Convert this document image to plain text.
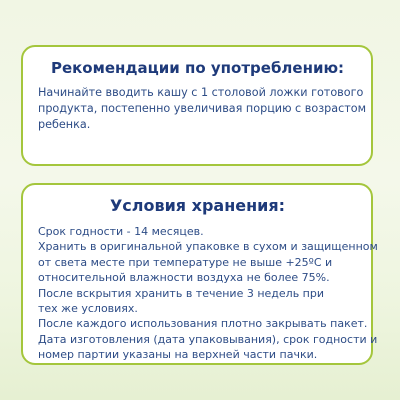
Рекомендации по употреблению:

Начинайте вводить кашу с 1 столовой ложки готового
продукта, постепенно увеличивая порцию с возрастом
ребенка.

Условия хранения:

Срок годности - 14 месяцев.
Хранить в оригинальной упаковке в сухом и защищенном
от света месте при температуре не выше +25ºС и
относительной влажности воздуха не более 75%.
После вскрытия хранить в течение 3 недель при
тех же условиях.
После каждого использования плотно закрывать пакет.
Дата изготовления (дата упаковывания), срок годности и
номер партии указаны на верхней части пачки.
